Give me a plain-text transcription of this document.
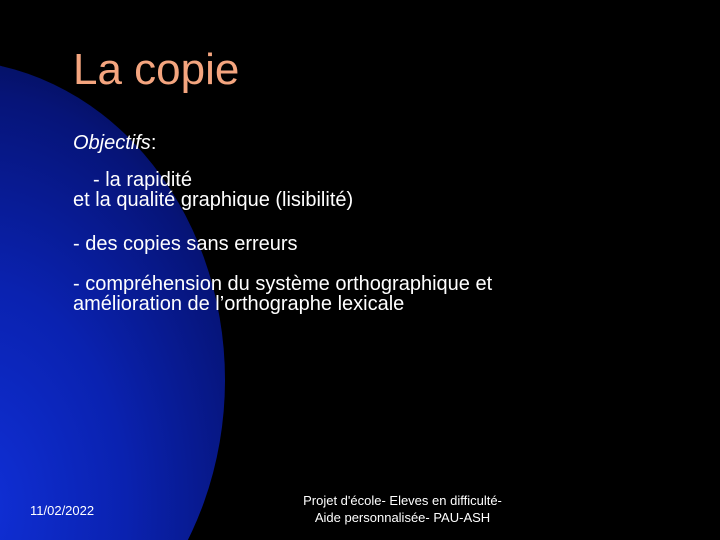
La copie

Objectifs:

- la rapidité
et la qualité graphique (lisibilité)

- des copies sans erreurs

- compréhension du système orthographique et
amélioration de l’orthographe lexicale

11/02/2022
Projet d'école- Eleves en difficulté-
Aide personnalisée- PAU-ASH
